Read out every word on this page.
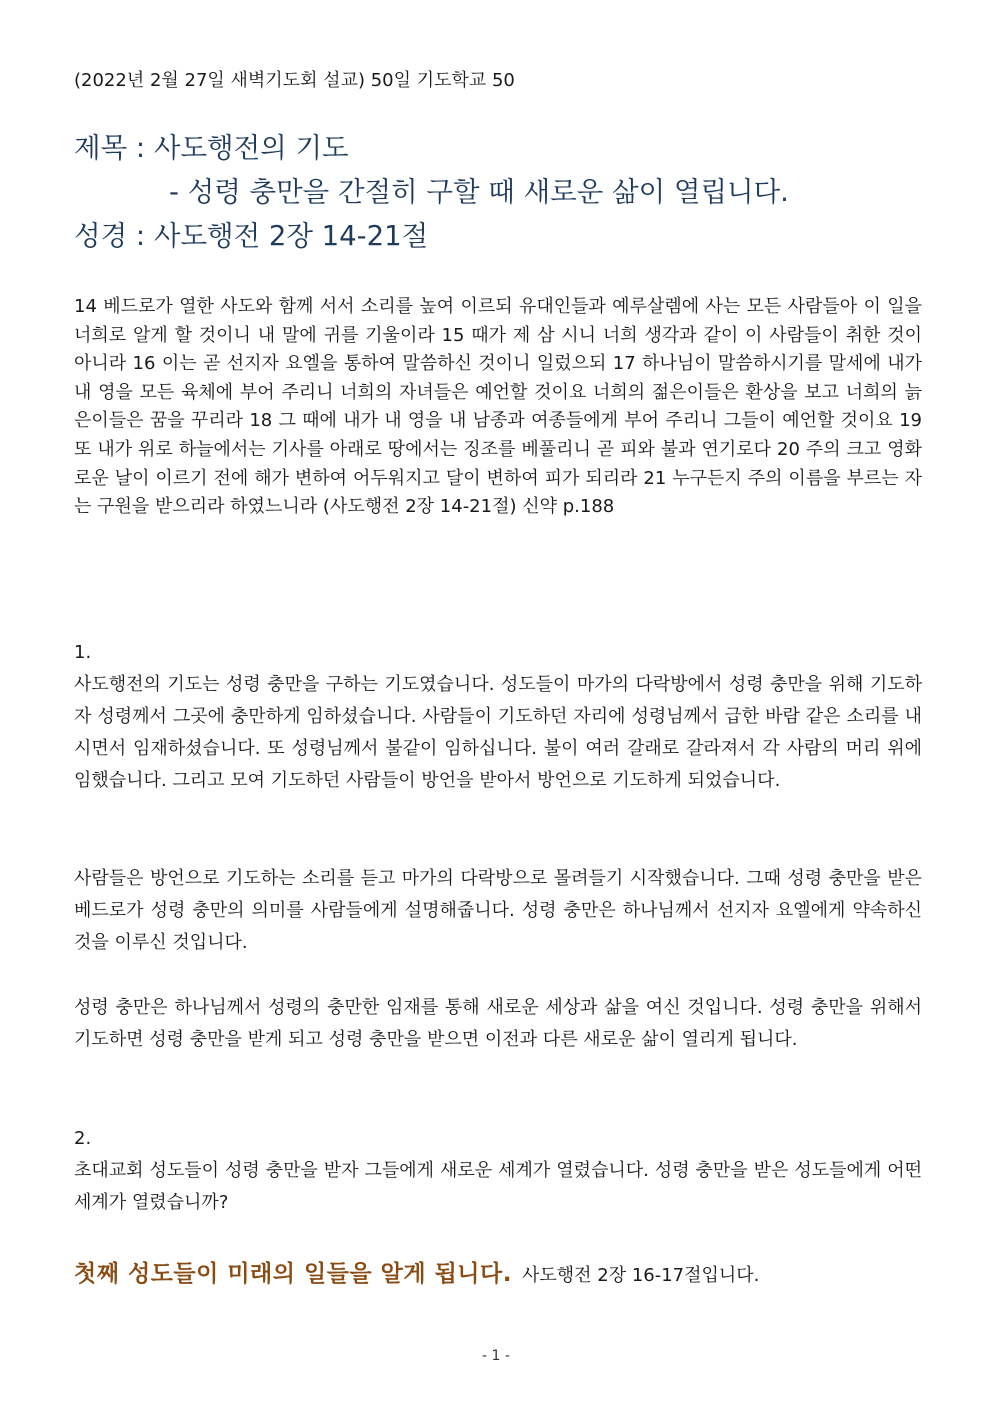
(2022년 2월 27일 새벽기도회 설교) 50일 기도학교 50
제목 : 사도행전의 기도
- 성령 충만을 간절히 구할 때 새로운 삶이 열립니다.
성경 : 사도행전 2장 14-21절

14 베드로가 열한 사도와 함께 서서 소리를 높여 이르되 유대인들과 예루살렘에 사는 모든 사람들아 이 일을 너희로 알게 할 것이니 내 말에 귀를 기울이라 15 때가 제 삼 시니 너희 생각과 같이 이 사람들이 취한 것이 아니라 16 이는 곧 선지자 요엘을 통하여 말씀하신 것이니 일렀으되 17 하나님이 말씀하시기를 말세에 내가 내 영을 모든 육체에 부어 주리니 너희의 자녀들은 예언할 것이요 너희의 젊은이들은 환상을 보고 너희의 늙은이들은 꿈을 꾸리라 18 그 때에 내가 내 영을 내 남종과 여종들에게 부어 주리니 그들이 예언할 것이요 19 또 내가 위로 하늘에서는 기사를 아래로 땅에서는 징조를 베풀리니 곧 피와 불과 연기로다 20 주의 크고 영화로운 날이 이르기 전에 해가 변하여 어두워지고 달이 변하여 피가 되리라 21 누구든지 주의 이름을 부르는 자는 구원을 받으리라 하였느니라 (사도행전 2장 14-21절) 신약 p.188

1.

사도행전의 기도는 성령 충만을 구하는 기도였습니다. 성도들이 마가의 다락방에서 성령 충만을 위해 기도하자 성령께서 그곳에 충만하게 임하셨습니다. 사람들이 기도하던 자리에 성령님께서 급한 바람 같은 소리를 내시면서 임재하셨습니다. 또 성령님께서 불같이 임하십니다. 불이 여러 갈래로 갈라져서 각 사람의 머리 위에 임했습니다. 그리고 모여 기도하던 사람들이 방언을 받아서 방언으로 기도하게 되었습니다.

사람들은 방언으로 기도하는 소리를 듣고 마가의 다락방으로 몰려들기 시작했습니다. 그때 성령 충만을 받은 베드로가 성령 충만의 의미를 사람들에게 설명해줍니다. 성령 충만은 하나님께서 선지자 요엘에게 약속하신 것을 이루신 것입니다.

성령 충만은 하나님께서 성령의 충만한 임재를 통해 새로운 세상과 삶을 여신 것입니다. 성령 충만을 위해서 기도하면 성령 충만을 받게 되고 성령 충만을 받으면 이전과 다른 새로운 삶이 열리게 됩니다.

2.

초대교회 성도들이 성령 충만을 받자 그들에게 새로운 세계가 열렸습니다. 성령 충만을 받은 성도들에게 어떤 세계가 열렸습니까?

첫째 성도들이 미래의 일들을 알게 됩니다. 사도행전 2장 16-17절입니다.
- 1 -
